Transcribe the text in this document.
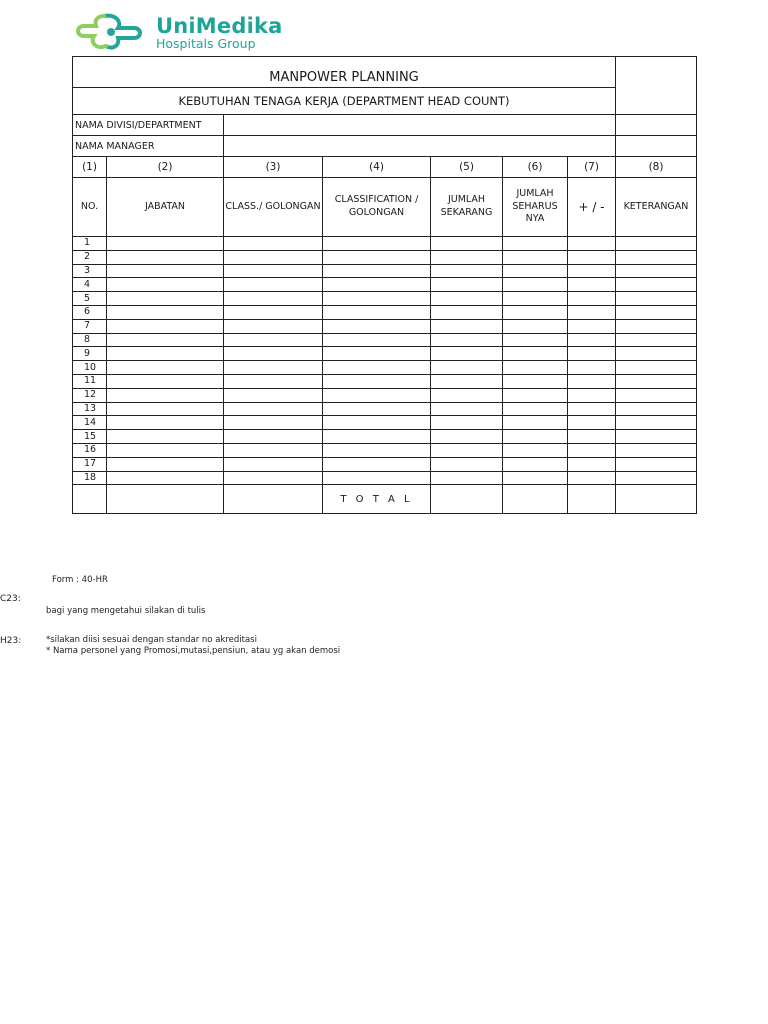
UniMedika
Hospitals Group
MANPOWER PLANNING							
KEBUTUHAN TENAGA KERJA (DEPARTMENT HEAD COUNT)							
NAMA DIVISI/DEPARTMENT							
NAMA MANAGER							
(1)	(2)	(3)	(4)	(5)	(6)	(7)	(8)
NO.	JABATAN	CLASS./ GOLONGAN	CLASSIFICATION / GOLONGAN	JUMLAH SEKARANG	JUMLAH SEHARUS NYA	+ / -	KETERANGAN
1							
2							
3							
4							
5							
6							
7							
8							
9							
10							
11							
12							
13							
14							
15							
16							
17							
18							
			T O T A L				
Form : 40-HR
C23:
bagi yang mengetahui silakan di tulis
H23:	*silakan diisi sesuai dengan standar no akreditasi
* Nama personel yang Promosi,mutasi,pensiun, atau yg akan demosi
